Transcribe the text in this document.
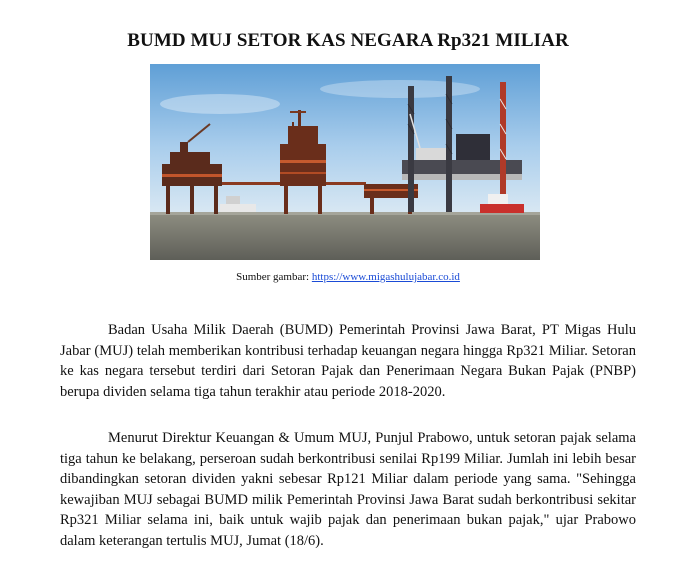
BUMD MUJ SETOR KAS NEGARA Rp321 MILIAR
Sumber gambar: https://www.migashulujabar.co.id

Badan Usaha Milik Daerah (BUMD) Pemerintah Provinsi Jawa Barat, PT Migas Hulu Jabar (MUJ) telah memberikan kontribusi terhadap keuangan negara hingga Rp321 Miliar. Setoran ke kas negara tersebut terdiri dari Setoran Pajak dan Penerimaan Negara Bukan Pajak (PNBP) berupa dividen selama tiga tahun terakhir atau periode 2018-2020.

Menurut Direktur Keuangan & Umum MUJ, Punjul Prabowo, untuk setoran pajak selama tiga tahun ke belakang, perseroan sudah berkontribusi senilai Rp199 Miliar. Jumlah ini lebih besar dibandingkan setoran dividen yakni sebesar Rp121 Miliar dalam periode yang sama. "Sehingga kewajiban MUJ sebagai BUMD milik Pemerintah Provinsi Jawa Barat sudah berkontribusi sekitar Rp321 Miliar selama ini, baik untuk wajib pajak dan penerimaan bukan pajak," ujar Prabowo dalam keterangan tertulis MUJ, Jumat (18/6).
